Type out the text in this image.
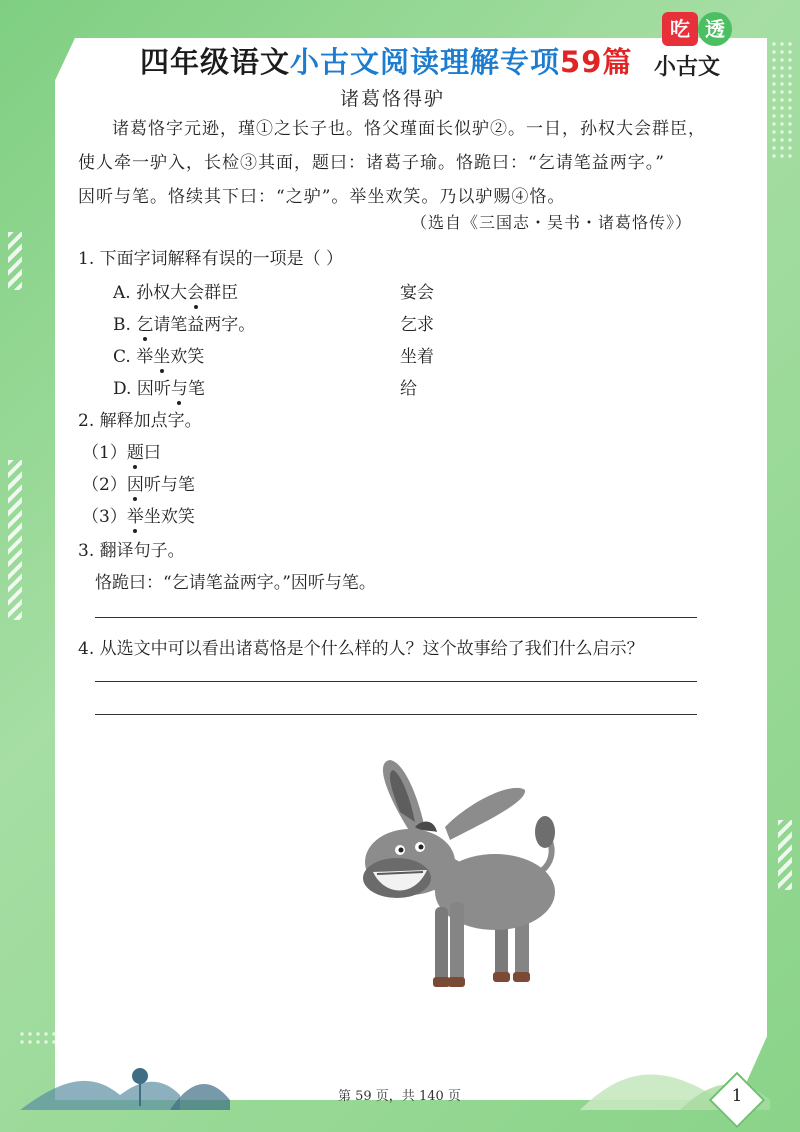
四年级语文小古文阅读理解专项59篇
吃 透
小古文
诸葛恪得驴

诸葛恪字元逊，瑾①之长子也。恪父瑾面长似驴②。一日，孙权大会群臣，

使人牵一驴入，长检③其面，题曰：诸葛子瑜。恪跪曰：“乞请笔益两字。”

因听与笔。恪续其下曰：“之驴”。举坐欢笑。乃以驴赐④恪。

（选自《三国志・吴书・诸葛恪传》）
1. 下面字词解释有误的一项是（ ）
A. 孙权大会群臣	宴会
B. 乞请笔益两字。	乞求
C. 举坐欢笑	坐着
D. 因听与笔	给
2. 解释加点字。
（1）题曰
（2）因听与笔
（3）举坐欢笑
3. 翻译句子。
恪跪曰：“乞请笔益两字。”因听与笔。
4. 从选文中可以看出诸葛恪是个什么样的人？这个故事给了我们什么启示？
第 59 页，共 140 页	1
